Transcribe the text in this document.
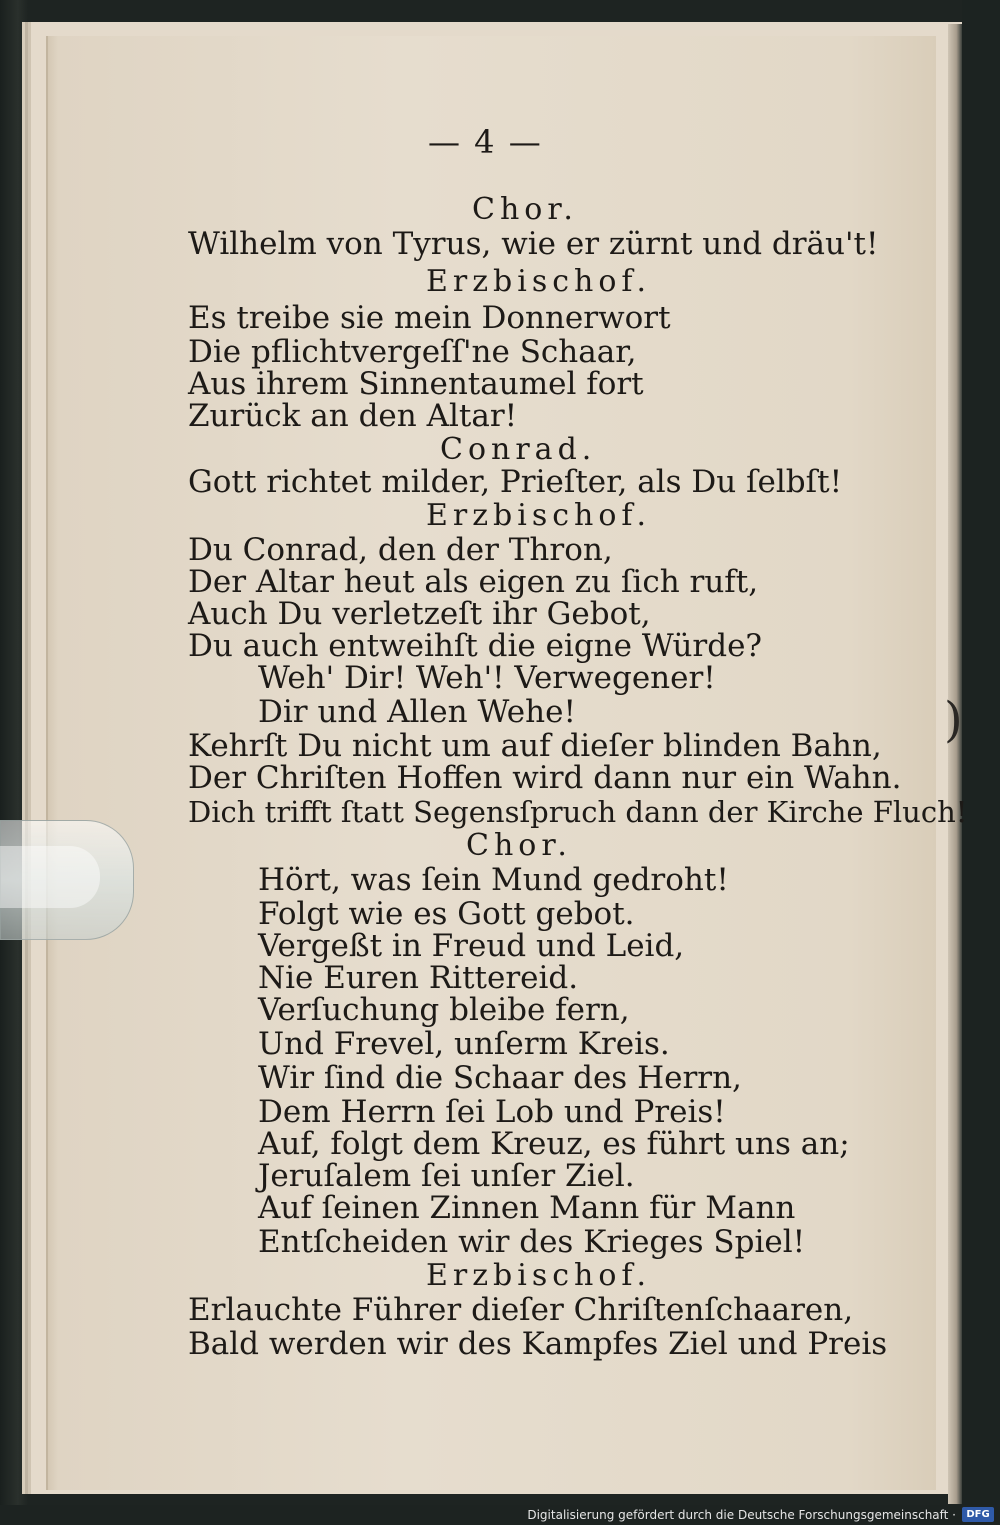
)
— 4 —
Chor.
Wilhelm von Tyrus, wie er zürnt und dräu't!
Erzbischof.
Es treibe sie mein Donnerwort
Die pflichtvergeſſ'ne Schaar,
Aus ihrem Sinnentaumel fort
Zurück an den Altar!
Conrad.
Gott richtet milder, Prieſter, als Du ſelbſt!
Erzbischof.
Du Conrad, den der Thron,
Der Altar heut als eigen zu ſich ruft,
Auch Du verletzeſt ihr Gebot,
Du auch entweihſt die eigne Würde?
Weh' Dir! Weh'! Verwegener!
Dir und Allen Wehe!
Kehrſt Du nicht um auf dieſer blinden Bahn,
Der Chriſten Hoffen wird dann nur ein Wahn.
Dich trifft ſtatt Segensſpruch dann der Kirche Fluch!
Chor.
Hört, was ſein Mund gedroht!
Folgt wie es Gott gebot.
Vergeßt in Freud und Leid,
Nie Euren Rittereid.
Verſuchung bleibe fern,
Und Frevel, unſerm Kreis.
Wir ſind die Schaar des Herrn,
Dem Herrn ſei Lob und Preis!
Auf, folgt dem Kreuz, es führt uns an;
Jeruſalem ſei unſer Ziel.
Auf ſeinen Zinnen Mann für Mann
Entſcheiden wir des Krieges Spiel!
Erzbischof.
Erlauchte Führer dieſer Chriſtenſchaaren,
Bald werden wir des Kampfes Ziel und Preis
Digitalisierung gefördert durch die Deutsche Forschungsgemeinschaft ·	DFG
